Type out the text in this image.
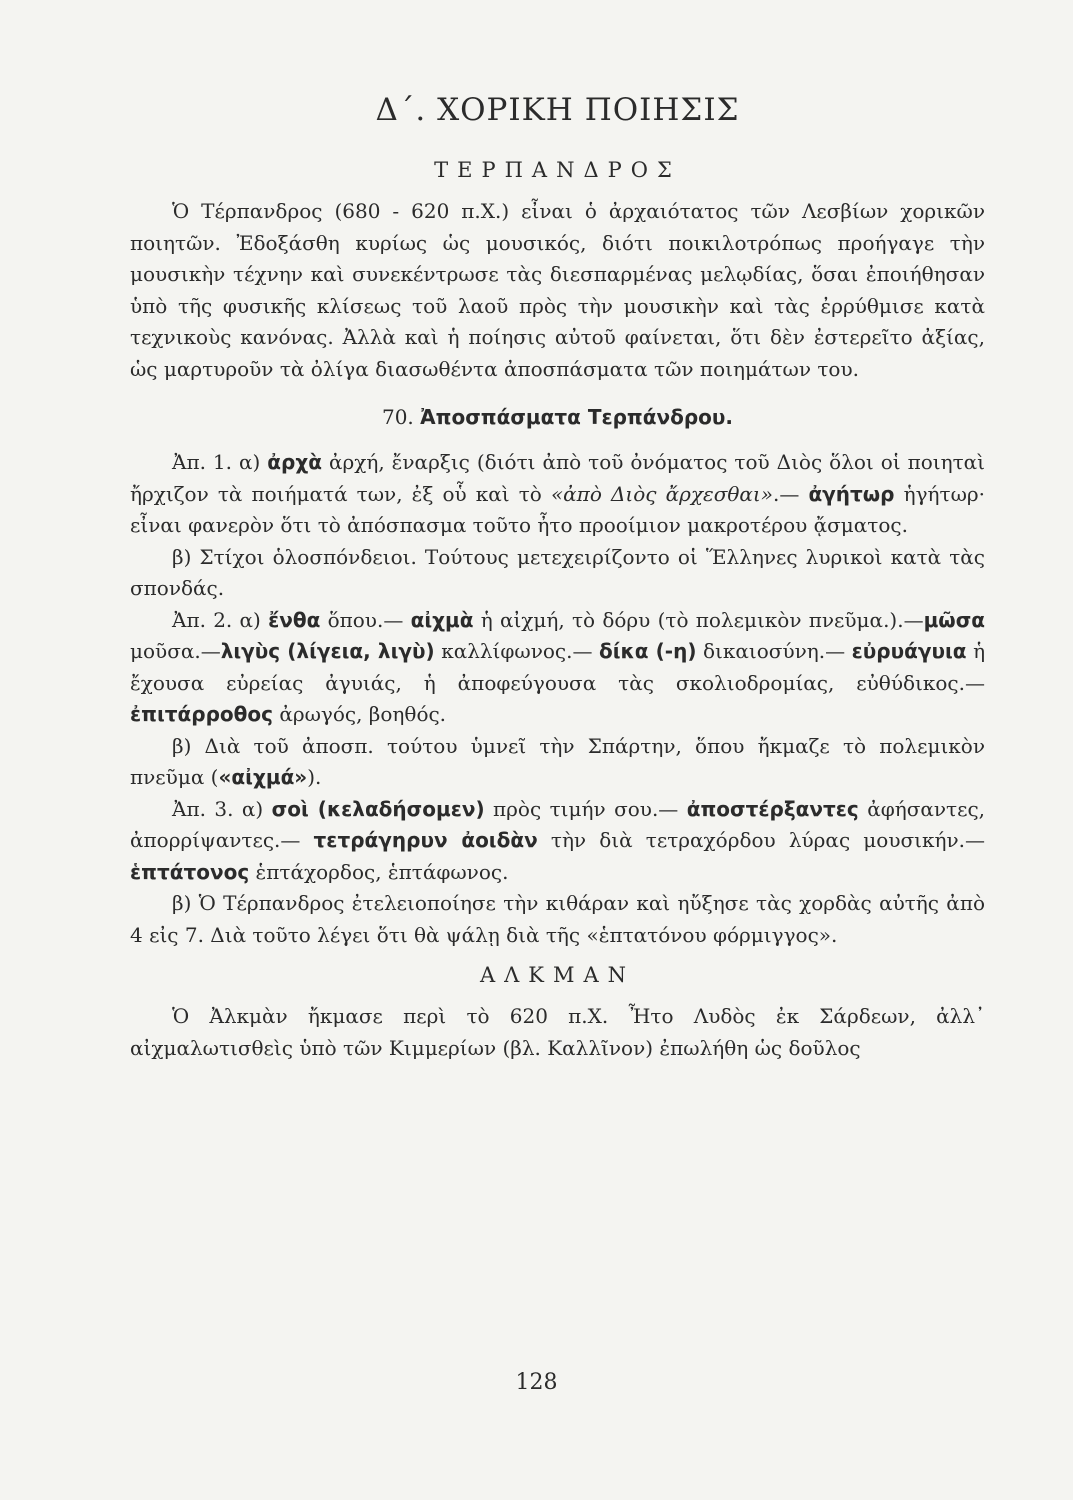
Δ΄. ΧΟΡΙΚΗ ΠΟΙΗΣΙΣ
ΤΕΡΠΑΝΔΡΟΣ

Ὁ Τέρπανδρος (680 - 620 π.Χ.) εἶναι ὁ ἀρχαιότατος τῶν Λεσβίων χορικῶν ποιητῶν. Ἐδοξάσθη κυρίως ὡς μουσικός, διότι ποικιλοτρόπως προήγαγε τὴν μουσικὴν τέχνην καὶ συνεκέντρωσε τὰς διεσπαρμένας μελῳδίας, ὅσαι ἐποιήθησαν ὑπὸ τῆς φυσικῆς κλίσεως τοῦ λαοῦ πρὸς τὴν μουσικὴν καὶ τὰς ἐρρύθμισε κατὰ τεχνικοὺς κανόνας. Ἀλλὰ καὶ ἡ ποίησις αὐτοῦ φαίνεται, ὅτι δὲν ἐστερεῖτο ἀξίας, ὡς μαρτυροῦν τὰ ὀλίγα διασωθέντα ἀποσπάσματα τῶν ποιημάτων του.

70. Ἀποσπάσματα Τερπάνδρου.

Ἀπ. 1. α) ἀρχὰ ἀρχή, ἔναρξις (διότι ἀπὸ τοῦ ὀνόματος τοῦ Διὸς ὅλοι οἱ ποιηταὶ ἤρχιζον τὰ ποιήματά των, ἐξ οὗ καὶ τὸ «ἀπὸ Διὸς ἄρχεσθαι».— ἀγήτωρ ἡγήτωρ· εἶναι φανερὸν ὅτι τὸ ἀπόσπασμα τοῦτο ἦτο προοίμιον μακροτέρου ᾄσματος.

β) Στίχοι ὁλοσπόνδειοι. Τούτους μετεχειρίζοντο οἱ Ἕλληνες λυρικοὶ κατὰ τὰς σπονδάς.

Ἀπ. 2. α) ἔνθα ὅπου.— αἰχμὰ ἡ αἰχμή, τὸ δόρυ (τὸ πολεμικὸν πνεῦμα.).—μῶσα μοῦσα.—λιγὺς (λίγεια, λιγὺ) καλλίφωνος.— δίκα (-η) δικαιοσύνη.— εὐρυάγυια ἡ ἔχουσα εὐρείας ἀγυιάς, ἡ ἀποφεύγουσα τὰς σκολιοδρομίας, εὐθύδικος.— ἐπιτάρροθος ἀρωγός, βοηθός.

β) Διὰ τοῦ ἀποσπ. τούτου ὑμνεῖ τὴν Σπάρτην, ὅπου ἤκμαζε τὸ πολεμικὸν πνεῦμα («αἰχμά»).

Ἀπ. 3. α) σοὶ (κελαδήσομεν) πρὸς τιμήν σου.— ἀποστέρξαντες ἀφήσαντες, ἀπορρίψαντες.— τετράγηρυν ἀοιδὰν τὴν διὰ τετραχόρδου λύρας μουσικήν.— ἑπτάτονος ἑπτάχορδος, ἑπτάφωνος.

β) Ὁ Τέρπανδρος ἐτελειοποίησε τὴν κιθάραν καὶ ηὔξησε τὰς χορδὰς αὐτῆς ἀπὸ 4 εἰς 7. Διὰ τοῦτο λέγει ὅτι θὰ ψάλῃ διὰ τῆς «ἑπτατόνου φόρμιγγος».

ΑΛΚΜΑΝ

Ὁ Ἀλκμὰν ἤκμασε περὶ τὸ 620 π.Χ. Ἦτο Λυδὸς ἐκ Σάρδεων, ἀλλ᾿ αἰχμαλωτισθεὶς ὑπὸ τῶν Κιμμερίων (βλ. Καλλῖνον) ἐπωλήθη ὡς δοῦλος

128
